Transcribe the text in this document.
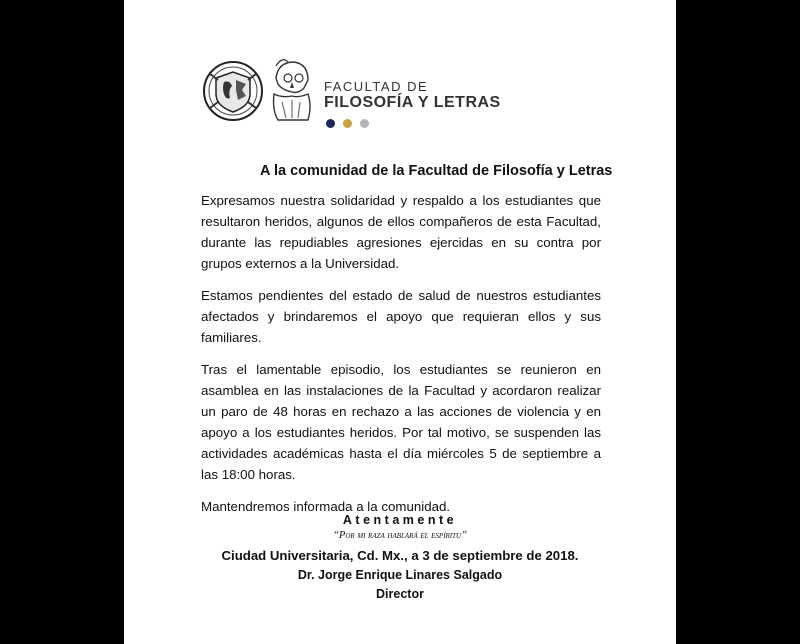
FACULTAD DE
FILOSOFÍA Y LETRAS
A la comunidad de la Facultad de Filosofía y Letras

Expresamos nuestra solidaridad y respaldo a los estudiantes que resultaron heridos, algunos de ellos compañeros de esta Facultad, durante las repudiables agresiones ejercidas en su contra por grupos externos a la Universidad.

Estamos pendientes del estado de salud de nuestros estudiantes afectados y brindaremos el apoyo que requieran ellos y sus familiares.

Tras el lamentable episodio, los estudiantes se reunieron en asamblea en las instalaciones de la Facultad y acordaron realizar un paro de 48 horas en rechazo a las acciones de violencia y en apoyo a los estudiantes heridos. Por tal motivo, se suspenden las actividades académicas hasta el día miércoles 5 de septiembre a las 18:00 horas.

Mantendremos informada a la comunidad.

Atentamente
“Por mi raza hablará el espíritu”
Ciudad Universitaria, Cd. Mx., a 3 de septiembre de 2018.
Dr. Jorge Enrique Linares Salgado
Director
